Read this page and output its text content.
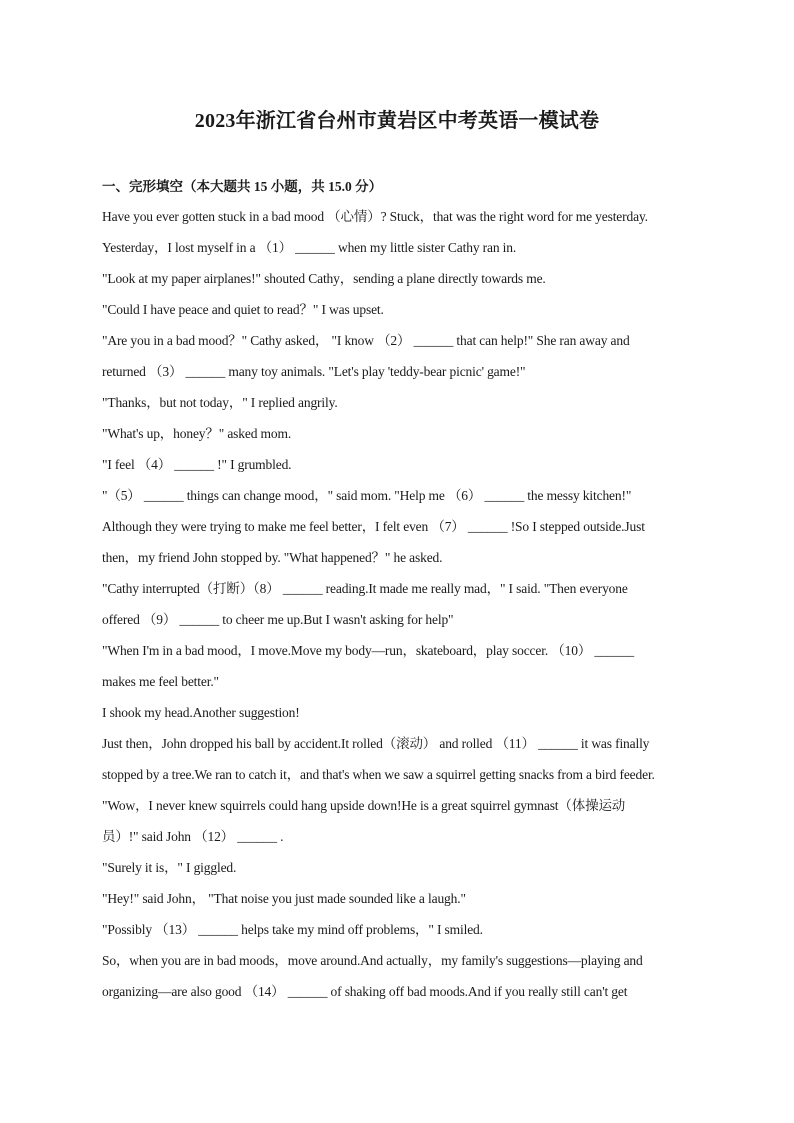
2023年浙江省台州市黄岩区中考英语一模试卷
一、完形填空（本大题共 15 小题，共 15.0 分）
Have you ever gotten stuck in a bad mood （心情）? Stuck，that was the right word for me yesterday.
Yesterday，I lost myself in a （1） ______ when my little sister Cathy ran in.
"Look at my paper airplanes!" shouted Cathy，sending a plane directly towards me.
"Could I have peace and quiet to read？" I was upset.
"Are you in a bad mood？" Cathy asked， "I know （2） ______ that can help!" She ran away and
returned （3） ______ many toy animals. "Let's play 'teddy-bear picnic' game!"
"Thanks，but not today，" I replied angrily.
"What's up，honey？" asked mom.
"I feel （4） ______ !" I grumbled.
"（5） ______ things can change mood，" said mom. "Help me （6） ______ the messy kitchen!"
Although they were trying to make me feel better，I felt even （7） ______ !So I stepped outside.Just
then，my friend John stopped by. "What happened？" he asked.
"Cathy interrupted（打断）（8） ______ reading.It made me really mad，" I said. "Then everyone
offered （9） ______ to cheer me up.But I wasn't asking for help"
"When I'm in a bad mood，I move.Move my body—run，skateboard，play soccer. （10） ______
makes me feel better."
I shook my head.Another suggestion!
Just then，John dropped his ball by accident.It rolled（滚动） and rolled （11） ______ it was finally
stopped by a tree.We ran to catch it，and that's when we saw a squirrel getting snacks from a bird feeder.
"Wow，I never knew squirrels could hang upside down!He is a great squirrel gymnast（体操运动
员）!" said John （12） ______ .
"Surely it is，" I giggled.
"Hey!" said John， "That noise you just made sounded like a laugh."
"Possibly （13） ______ helps take my mind off problems，" I smiled.
So，when you are in bad moods，move around.And actually，my family's suggestions—playing and
organizing—are also good （14） ______ of shaking off bad moods.And if you really still can't get
